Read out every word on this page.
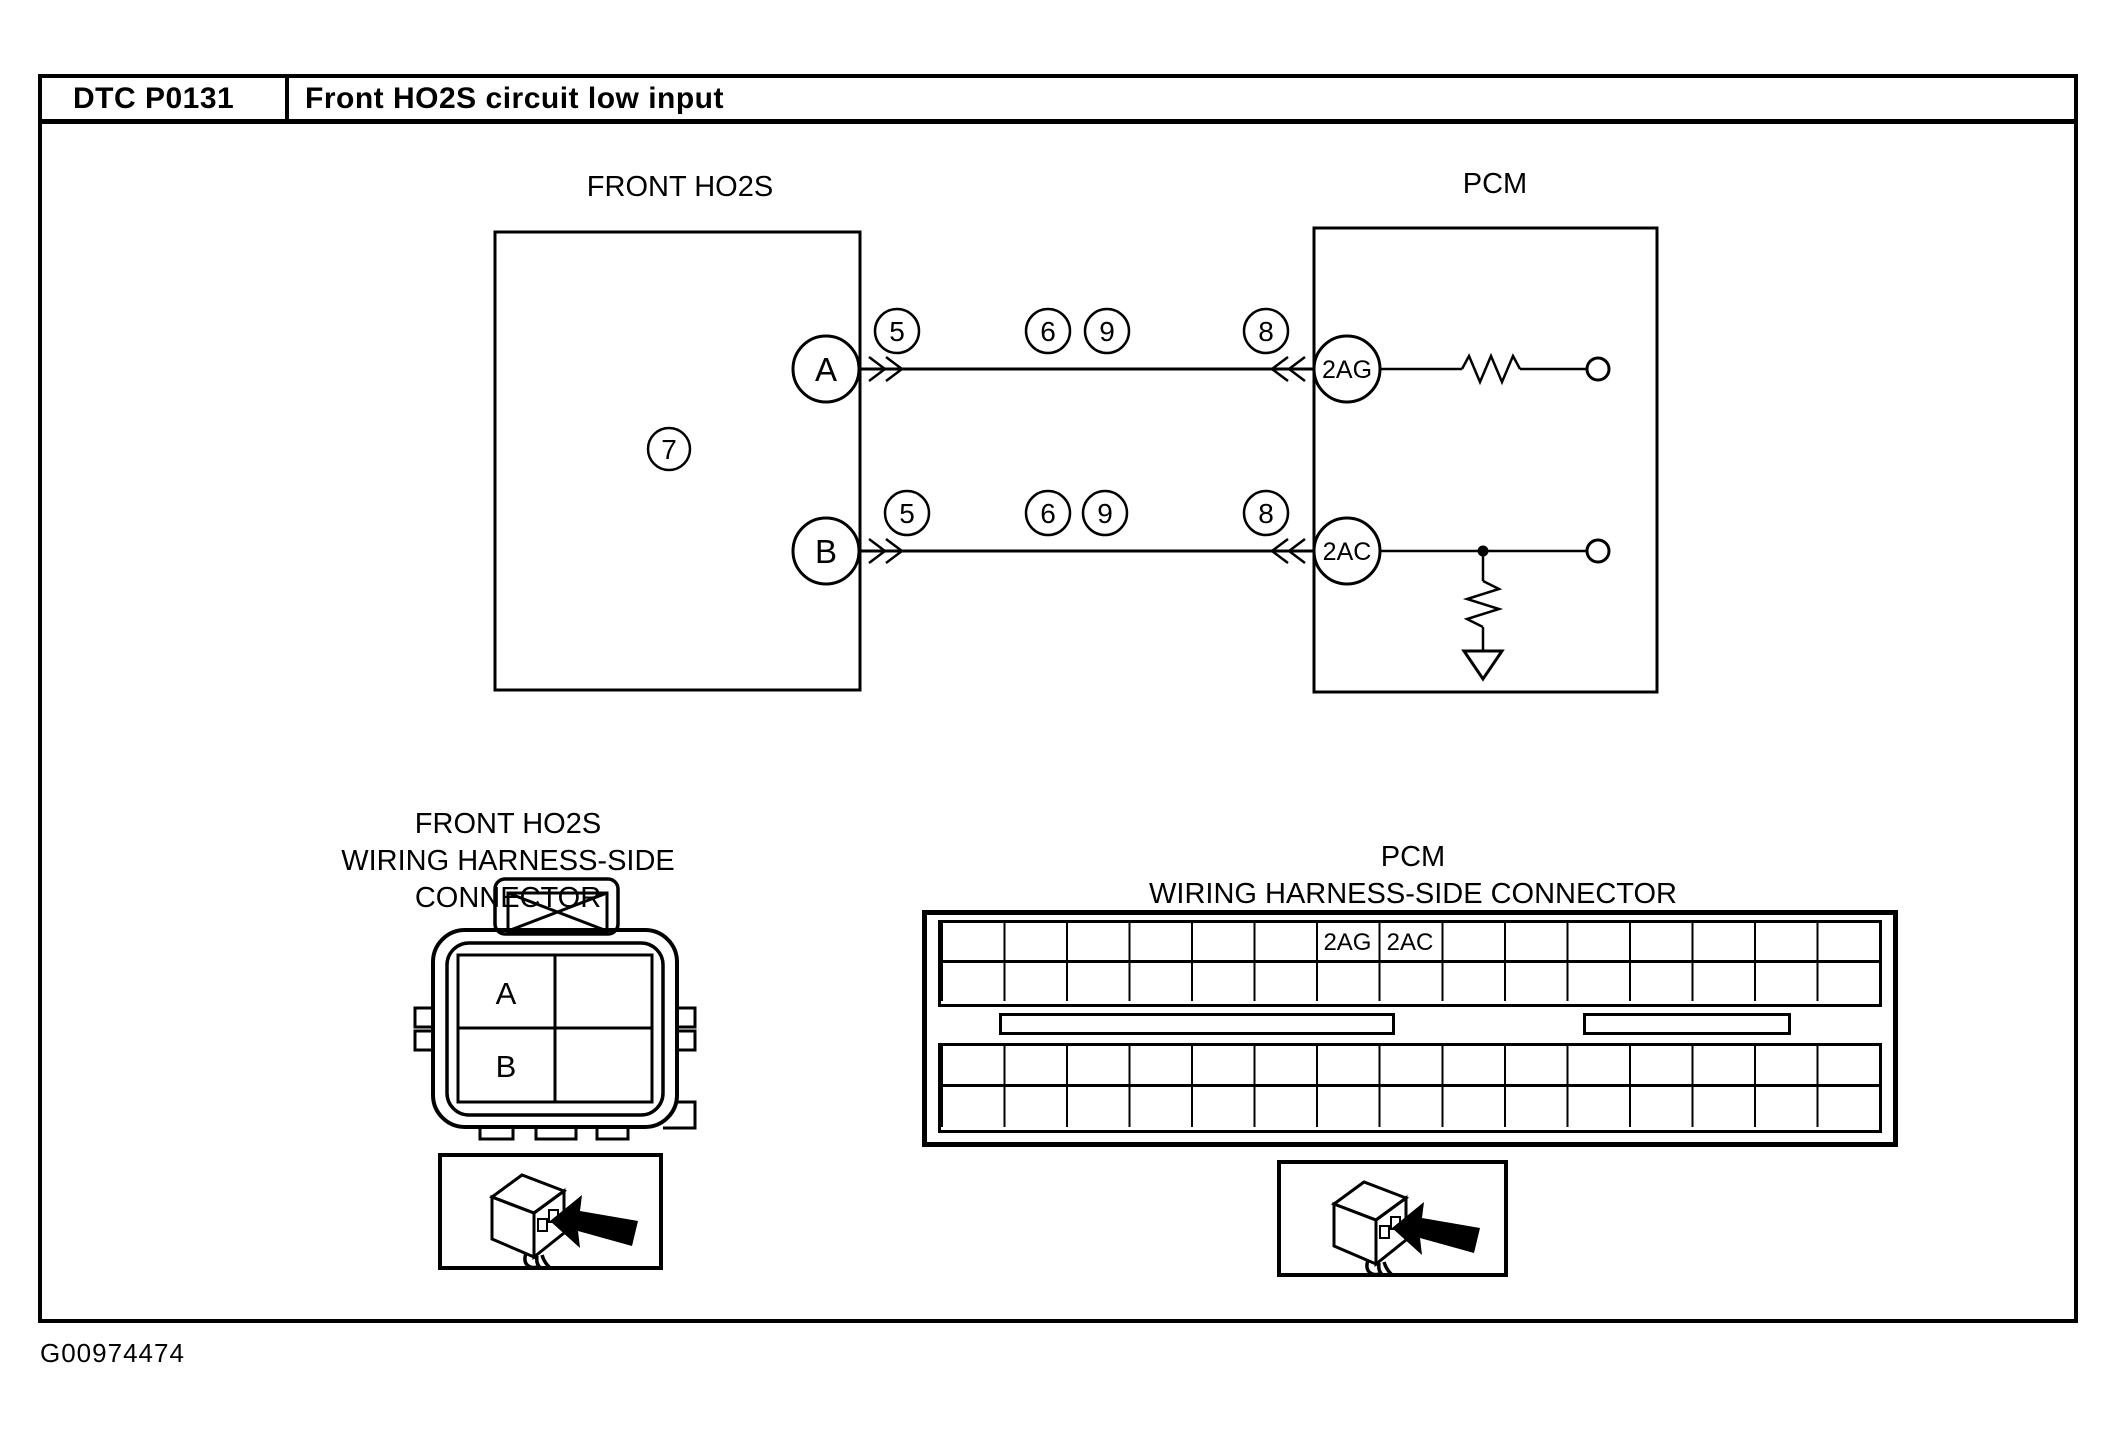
DTC P0131 Front HO2S circuit low input
FRONT HO2S	PCM
7
A
5	6 9	8
2AG
B
5	6 9	8
2AC
FRONT HO2S
WIRING HARNESS-SIDE CONNECTOR
A
B
PCM
WIRING HARNESS-SIDE CONNECTOR
2AG 2AC
G00974474
